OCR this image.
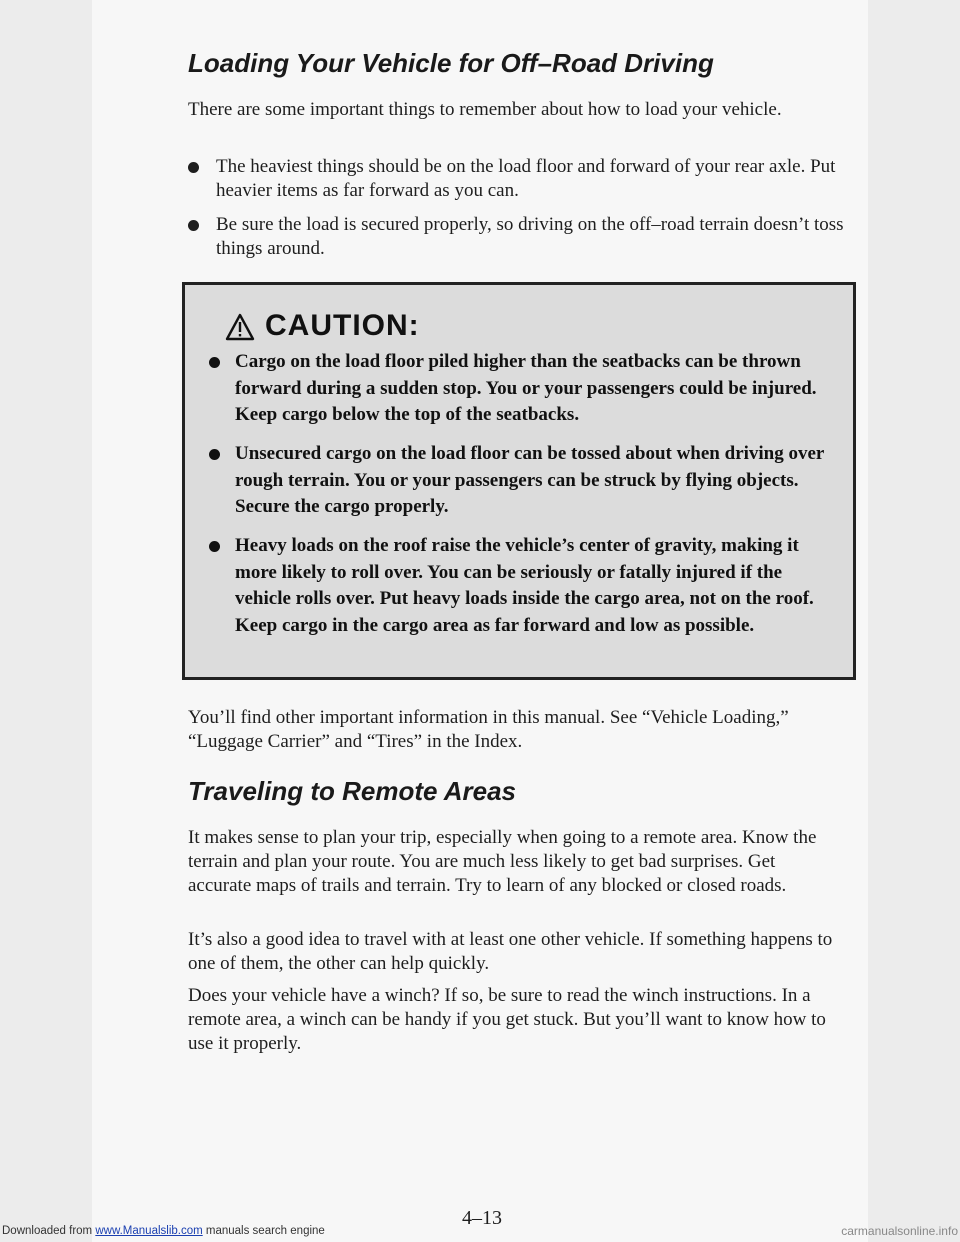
Loading Your Vehicle for Off–Road Driving

There are some important things to remember about how to load your vehicle.

The heaviest things should be on the load floor and forward of your rear axle. Put heavier items as far forward as you can.
Be sure the load is secured properly, so driving on the off–road terrain doesn’t toss things around.
CAUTION:
Cargo on the load floor piled higher than the seatbacks can be thrown forward during a sudden stop. You or your passengers could be injured. Keep cargo below the top of the seatbacks.
Unsecured cargo on the load floor can be tossed about when driving over rough terrain. You or your passengers can be struck by flying objects. Secure the cargo properly.
Heavy loads on the roof raise the vehicle’s center of gravity, making it more likely to roll over. You can be seriously or fatally injured if the vehicle rolls over. Put heavy loads inside the cargo area, not on the roof. Keep cargo in the cargo area as far forward and low as possible.

You’ll find other important information in this manual. See “Vehicle Loading,” “Luggage Carrier” and “Tires” in the Index.

Traveling to Remote Areas

It makes sense to plan your trip, especially when going to a remote area. Know the terrain and plan your route. You are much less likely to get bad surprises. Get accurate maps of trails and terrain. Try to learn of any blocked or closed roads.

It’s also a good idea to travel with at least one other vehicle. If something happens to one of them, the other can help quickly.

Does your vehicle have a winch? If so, be sure to read the winch instructions. In a remote area, a winch can be handy if you get stuck. But you’ll want to know how to use it properly.

4–13
Downloaded from www.Manualslib.com manuals search engine	carmanualsonline.info
